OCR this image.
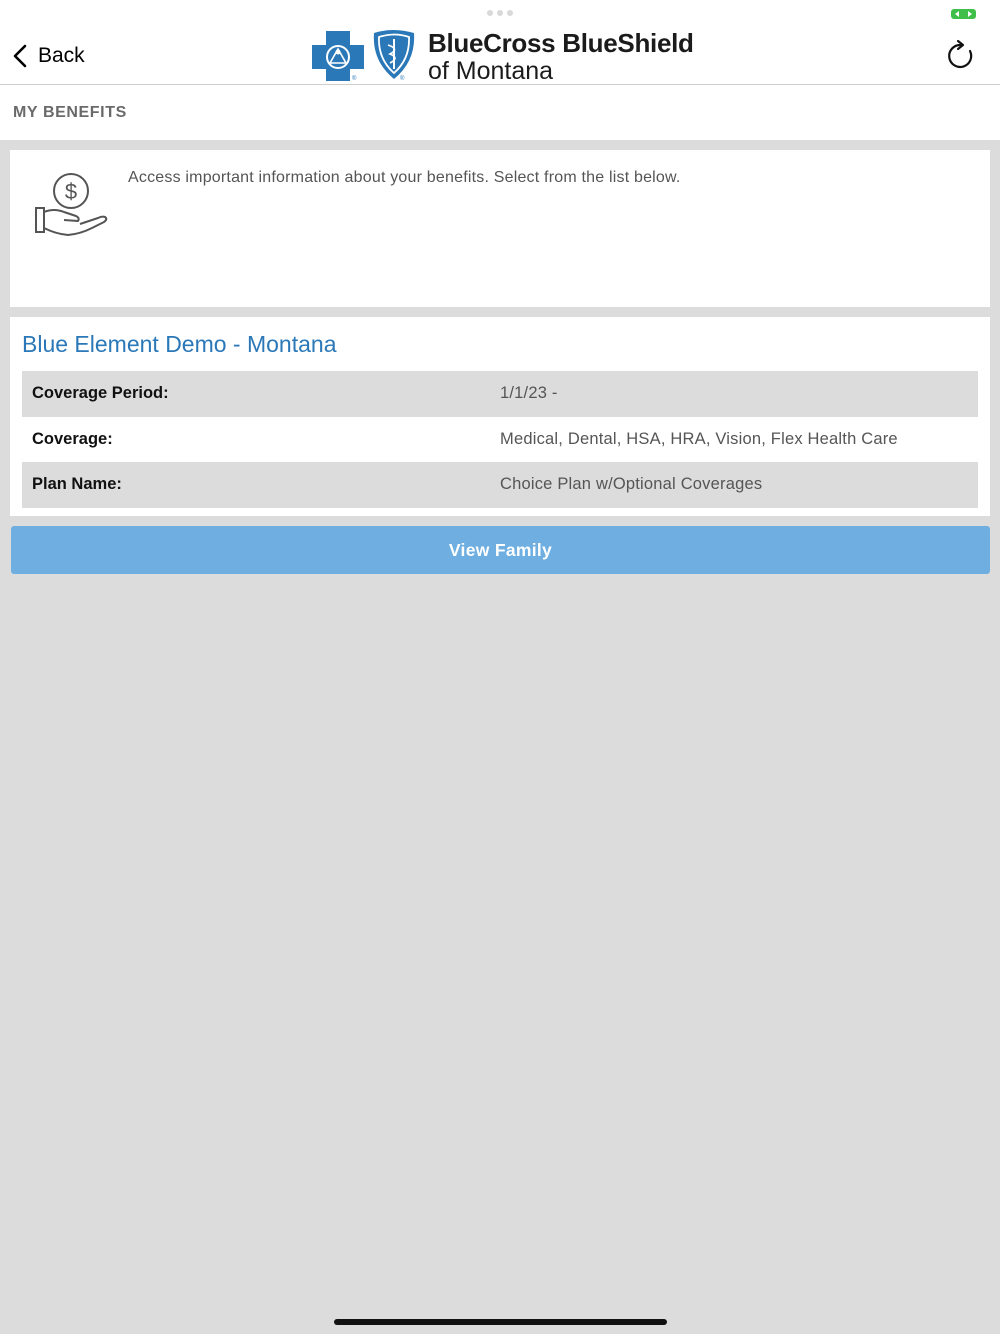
Back
®	®
BlueCross BlueShield
of Montana
MY BENEFITS
$
Access important information about your benefits. Select from the list below.
Blue Element Demo - Montana
Coverage Period:	1/1/23 -
Coverage:	Medical, Dental, HSA, HRA, Vision, Flex Health Care
Plan Name:	Choice Plan w/Optional Coverages
View Family
